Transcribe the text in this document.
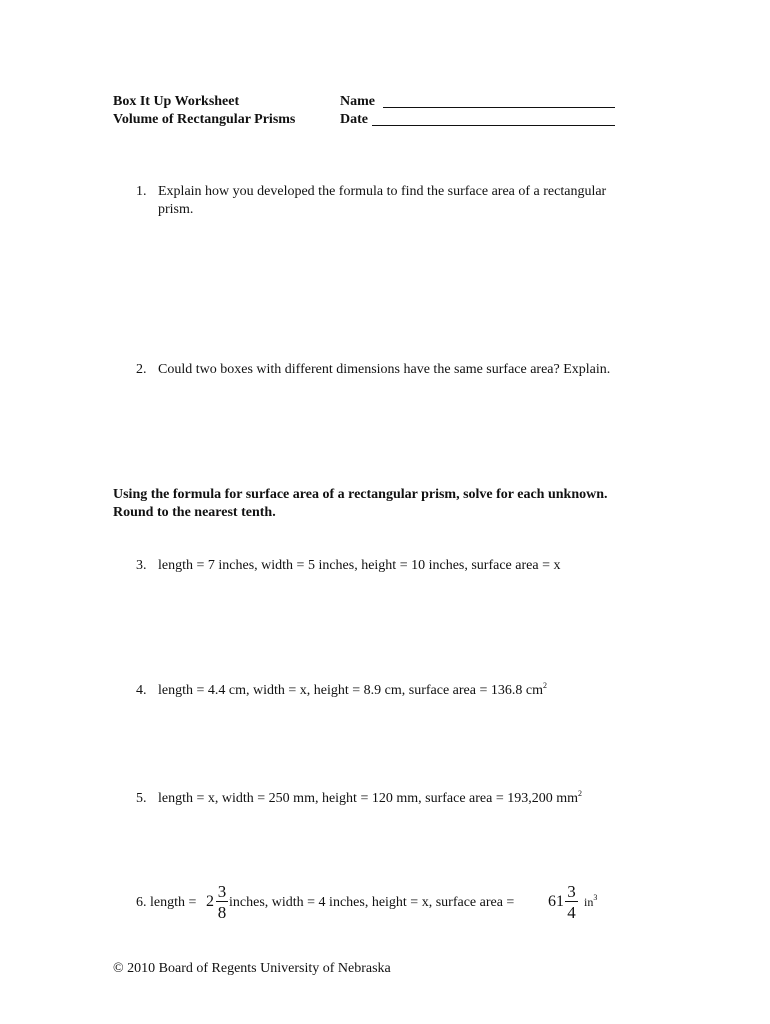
Box It Up Worksheet
Volume of Rectangular Prisms
Name
Date
1. Explain how you developed the formula to find the surface area of a rectangular
prism.
2. Could two boxes with different dimensions have the same surface area? Explain.
Using the formula for surface area of a rectangular prism, solve for each unknown.
Round to the nearest tenth.
3. length = 7 inches, width = 5 inches, height = 10 inches, surface area = x
4. length = 4.4 cm, width = x, height = 8.9 cm, surface area = 136.8 $cm^2$
5. length = x, width = 250 mm, height = 120 mm, surface area = 193,200 $mm^2$
6. length = 2
3
8
inches, width = 4 inches, height = x, surface area = 61
3
4
$in^3$
© 2010 Board of Regents University of Nebraska
